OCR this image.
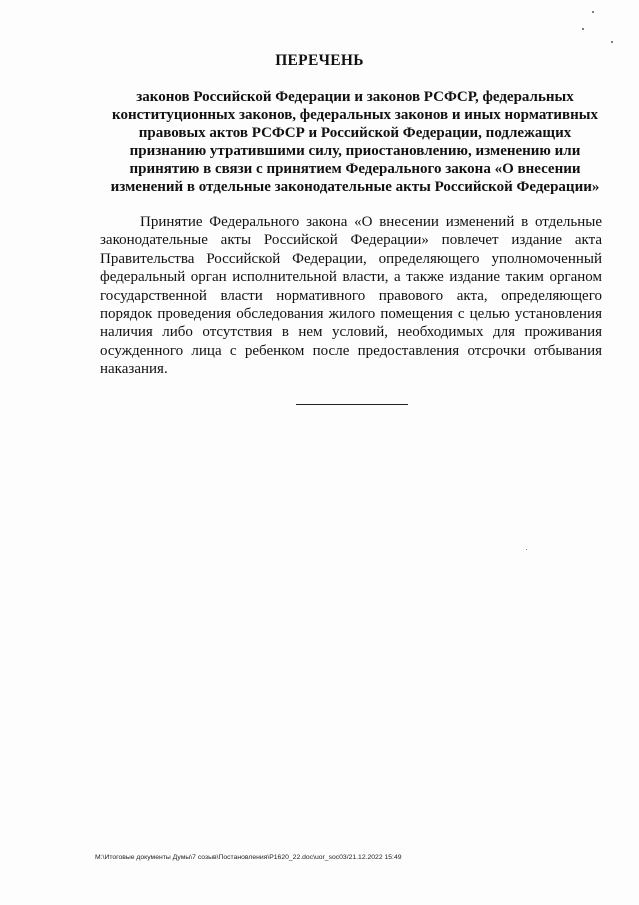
ПЕРЕЧЕНЬ
законов Российской Федерации и законов РСФСР, федеральных
конституционных законов, федеральных законов и иных нормативных
правовых актов РСФСР и Российской Федерации, подлежащих
признанию утратившими силу, приостановлению, изменению или
принятию в связи с принятием Федерального закона «О внесении
изменений в отдельные законодательные акты Российской Федерации»
Принятие Федерального закона «О внесении изменений в отдельные
законодательные акты Российской Федерации» повлечет издание акта
Правительства Российской Федерации, определяющего уполномоченный
федеральный орган исполнительной власти, а также издание таким органом
государственной власти нормативного правового акта, определяющего
порядок проведения обследования жилого помещения с целью установления
наличия либо отсутствия в нем условий, необходимых для проживания
осужденного лица с ребенком после предоставления отсрочки отбывания
наказания.
M:\Итоговые документы Думы\7 созыв\Постановления\P1620_22.doc\uor_soc03/21.12.2022 15:49
